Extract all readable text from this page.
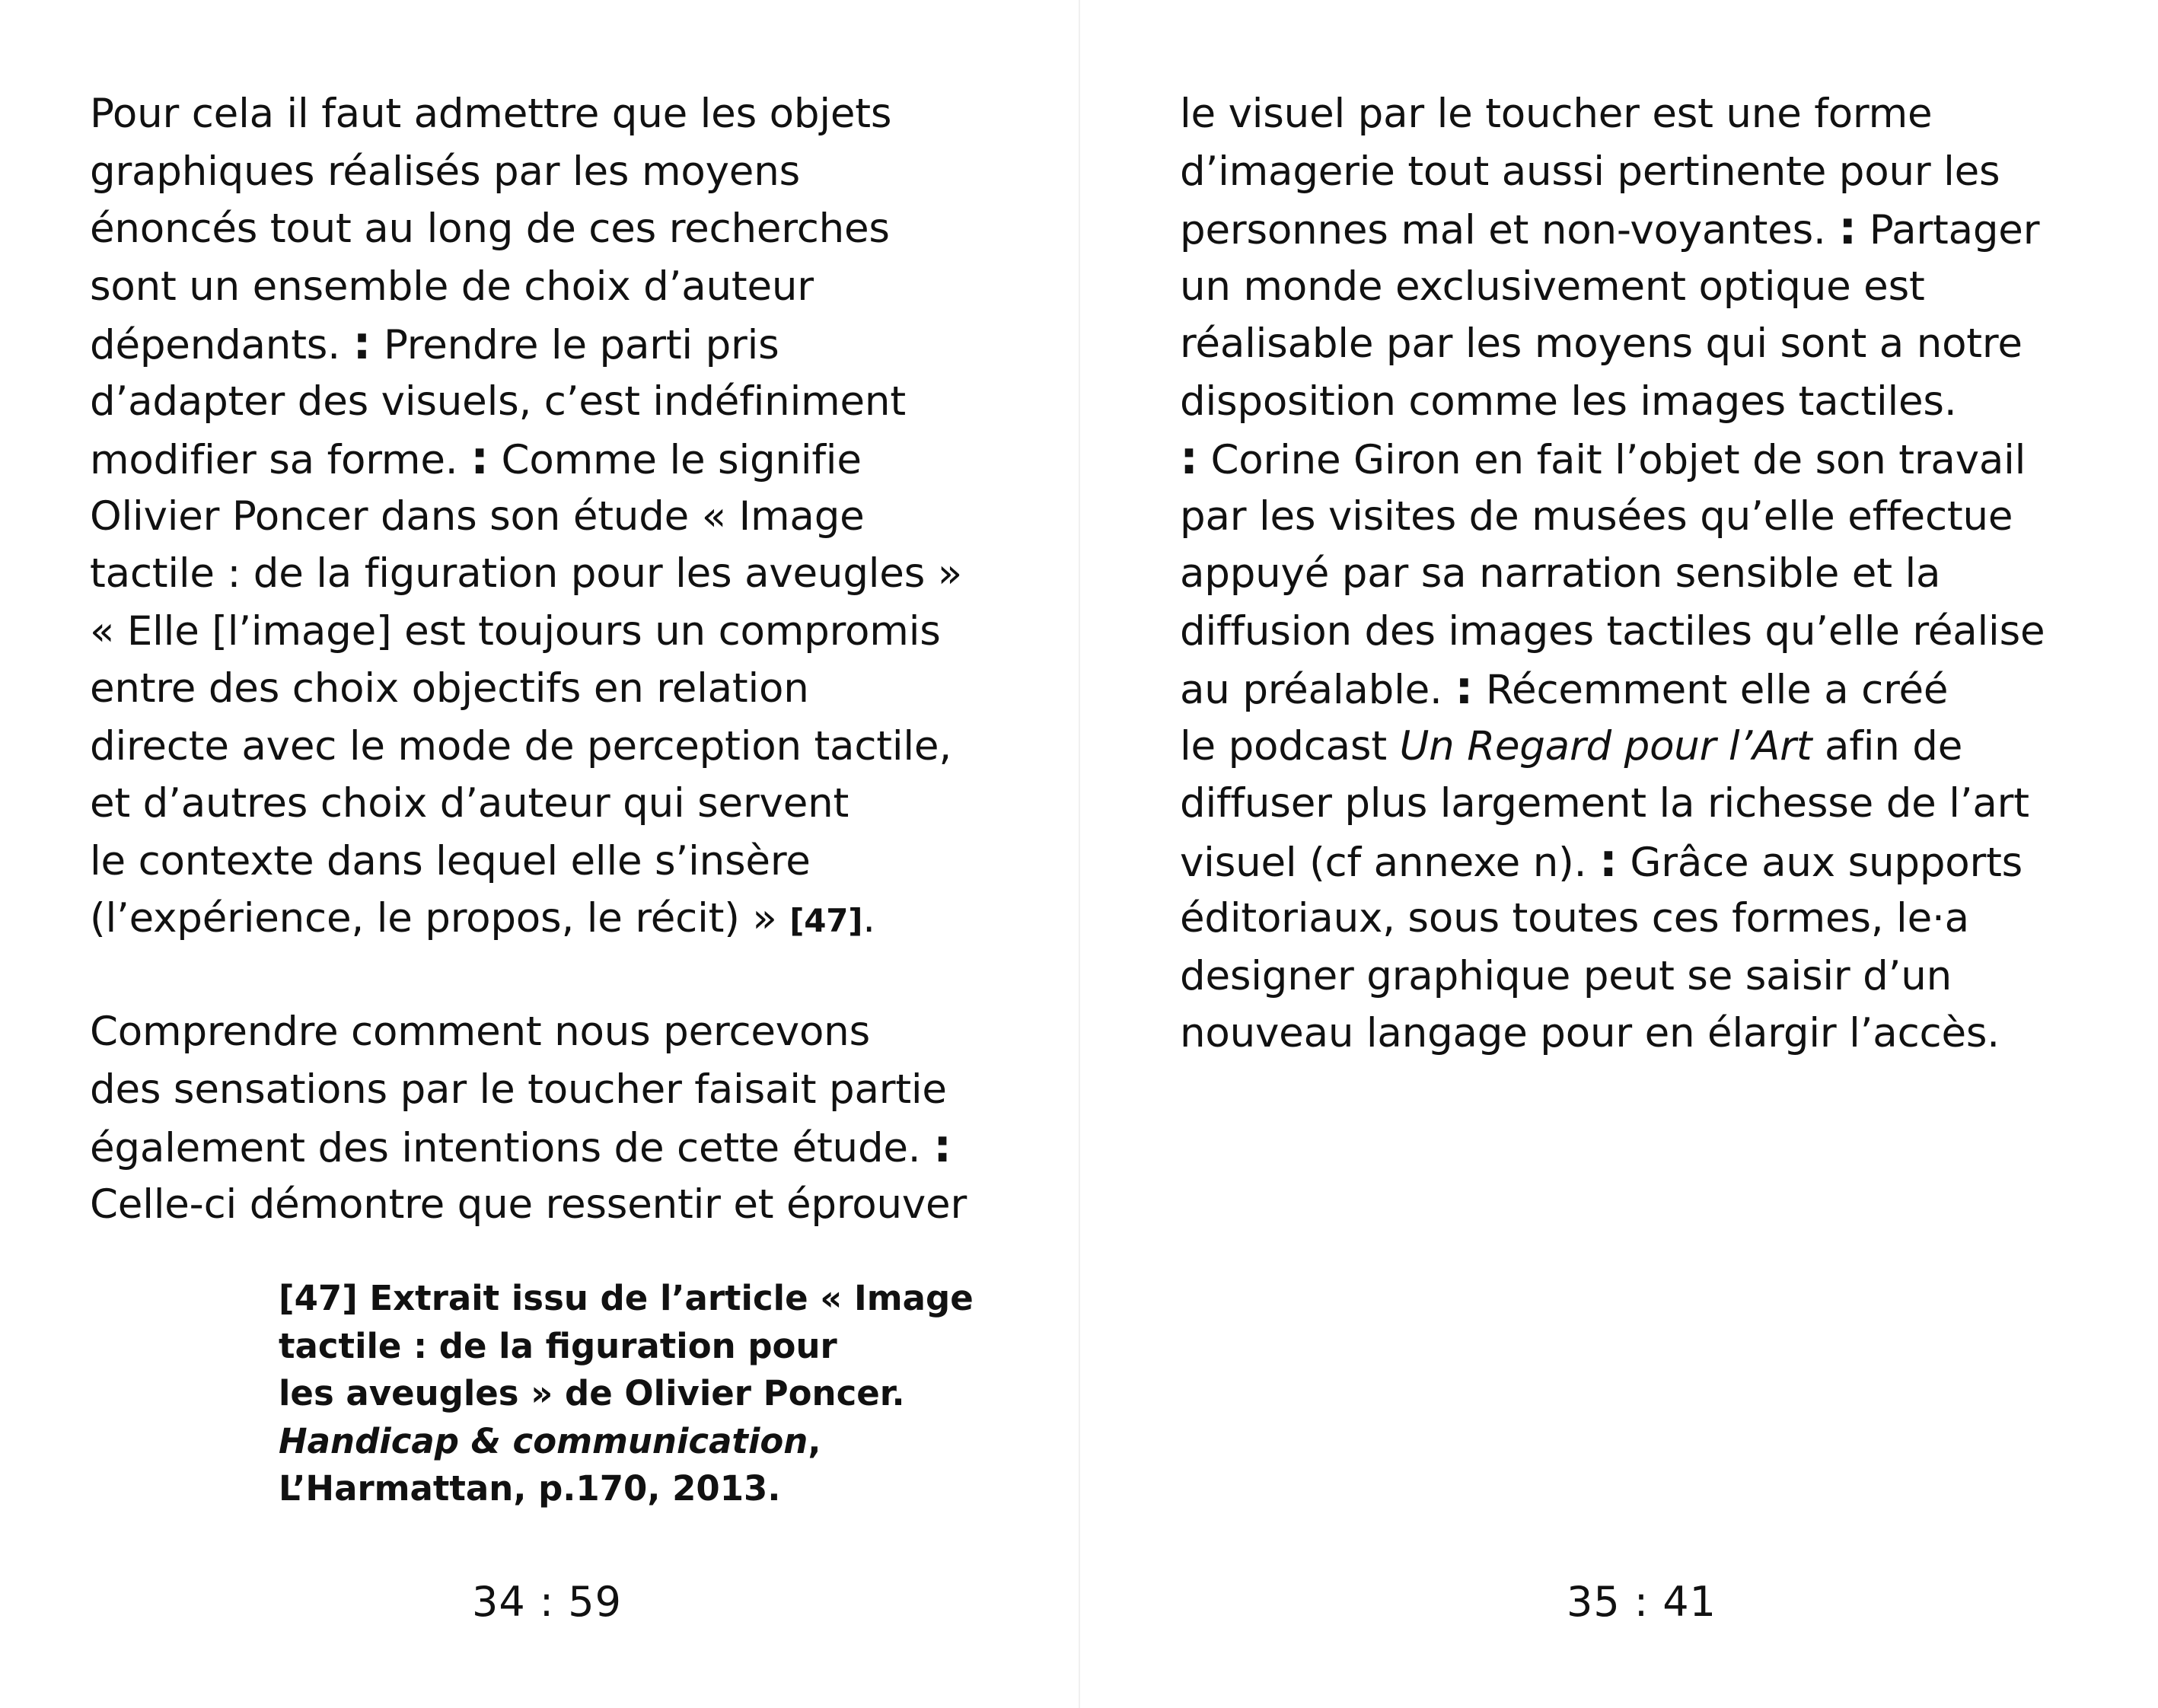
Pour cela il faut admettre que les objets
graphiques réalisés par les moyens
énoncés tout au long de ces recherches
sont un ensemble de choix d’auteur
dépendants. : Prendre le parti pris
d’adapter des visuels, c’est indéfiniment
modifier sa forme. : Comme le signifie
Olivier Poncer dans son étude « Image
tactile : de la figuration pour les aveugles »
« Elle [l’image] est toujours un compromis
entre des choix objectifs en relation
directe avec le mode de perception tactile,
et d’autres choix d’auteur qui servent
le contexte dans lequel elle s’insère
(l’expérience, le propos, le récit) » [47].
Comprendre comment nous percevons
des sensations par le toucher faisait partie
également des intentions de cette étude. :
Celle-ci démontre que ressentir et éprouver
[47] Extrait issu de l’article « Image
tactile : de la figuration pour
les aveugles » de Olivier Poncer.
Handicap & communication,
L’Harmattan, p.170, 2013.
34 : 59
le visuel par le toucher est une forme
d’imagerie tout aussi pertinente pour les
personnes mal et non-voyantes. : Partager
un monde exclusivement optique est
réalisable par les moyens qui sont a notre
disposition comme les images tactiles.
: Corine Giron en fait l’objet de son travail
par les visites de musées qu’elle effectue
appuyé par sa narration sensible et la
diffusion des images tactiles qu’elle réalise
au préalable. : Récemment elle a créé
le podcast Un Regard pour l’Art afin de
diffuser plus largement la richesse de l’art
visuel (cf annexe n). : Grâce aux supports
éditoriaux, sous toutes ces formes, le·a
designer graphique peut se saisir d’un
nouveau langage pour en élargir l’accès.
35 : 41
